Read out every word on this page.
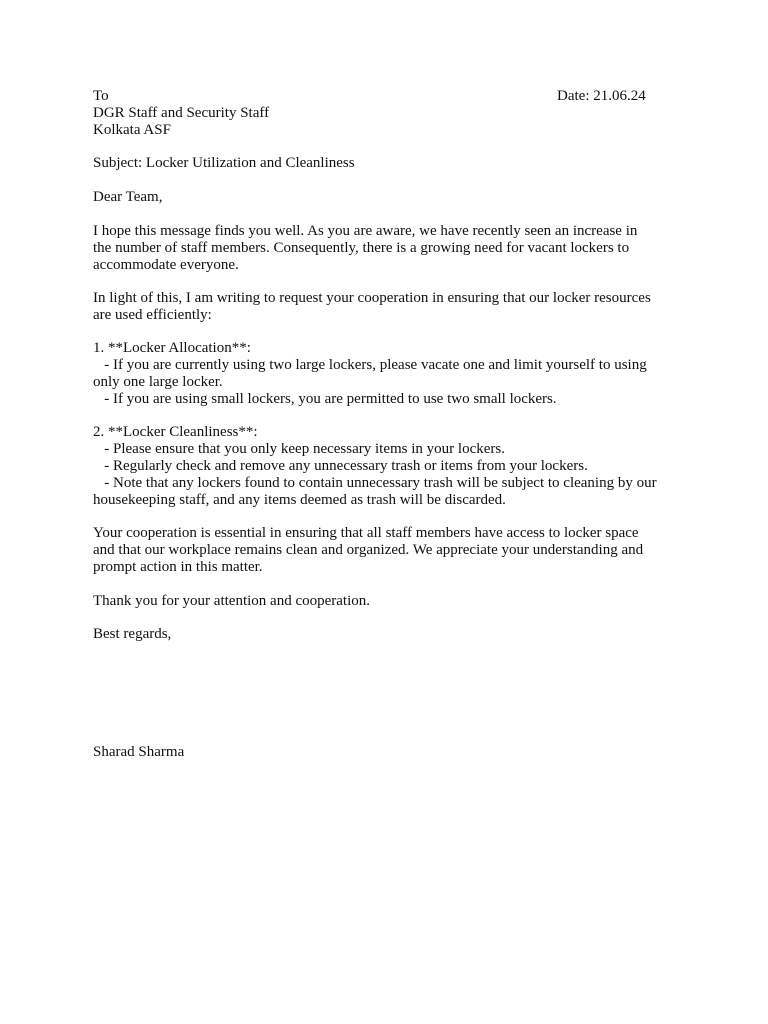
To	Date: 21.06.24

DGR Staff and Security Staff

Kolkata ASF

Subject: Locker Utilization and Cleanliness

Dear Team,

I hope this message finds you well. As you are aware, we have recently seen an increase in

the number of staff members. Consequently, there is a growing need for vacant lockers to

accommodate everyone.

In light of this, I am writing to request your cooperation in ensuring that our locker resources

are used efficiently:

1. **Locker Allocation**:

- If you are currently using two large lockers, please vacate one and limit yourself to using

only one large locker.

- If you are using small lockers, you are permitted to use two small lockers.

2. **Locker Cleanliness**:

- Please ensure that you only keep necessary items in your lockers.

- Regularly check and remove any unnecessary trash or items from your lockers.

- Note that any lockers found to contain unnecessary trash will be subject to cleaning by our

housekeeping staff, and any items deemed as trash will be discarded.

Your cooperation is essential in ensuring that all staff members have access to locker space

and that our workplace remains clean and organized. We appreciate your understanding and

prompt action in this matter.

Thank you for your attention and cooperation.

Best regards,

Sharad Sharma
